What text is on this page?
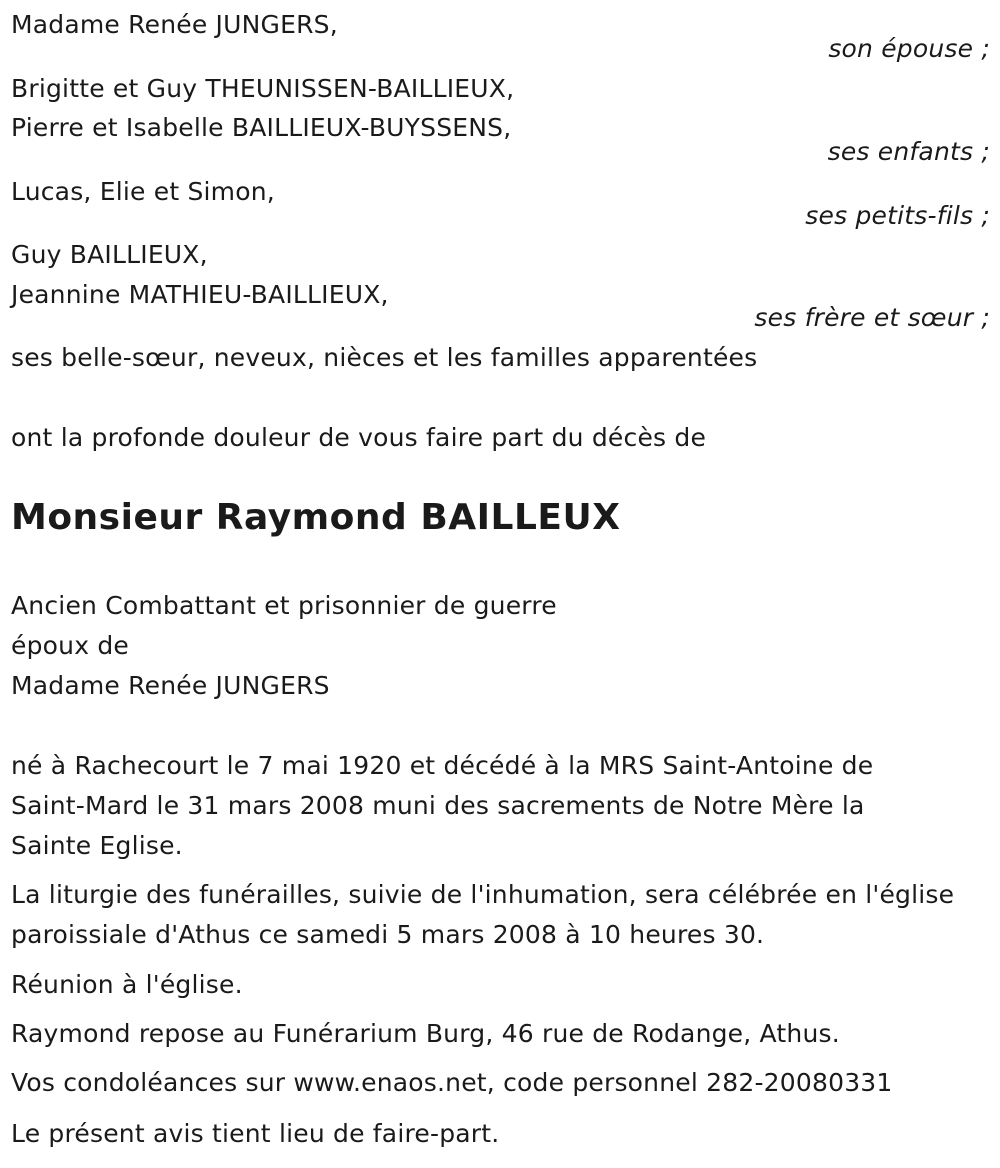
Madame Renée JUNGERS,
son épouse ;
Brigitte et Guy THEUNISSEN-BAILLIEUX,
Pierre et Isabelle BAILLIEUX-BUYSSENS,
ses enfants ;
Lucas, Elie et Simon,
ses petits-fils ;
Guy BAILLIEUX,
Jeannine MATHIEU-BAILLIEUX,
ses frère et sœur ;
ses belle-sœur, neveux, nièces et les familles apparentées
ont la profonde douleur de vous faire part du décès de
Monsieur Raymond BAILLEUX
Ancien Combattant et prisonnier de guerre
époux de
Madame Renée JUNGERS
né à Rachecourt le 7 mai 1920 et décédé à la MRS Saint-Antoine de
Saint-Mard le 31 mars 2008 muni des sacrements de Notre Mère la
Sainte Eglise.
La liturgie des funérailles, suivie de l'inhumation, sera célébrée en l'église
paroissiale d'Athus ce samedi 5 mars 2008 à 10 heures 30.
Réunion à l'église.
Raymond repose au Funérarium Burg, 46 rue de Rodange, Athus.
Vos condoléances sur www.enaos.net, code personnel 282-20080331
Le présent avis tient lieu de faire-part.
